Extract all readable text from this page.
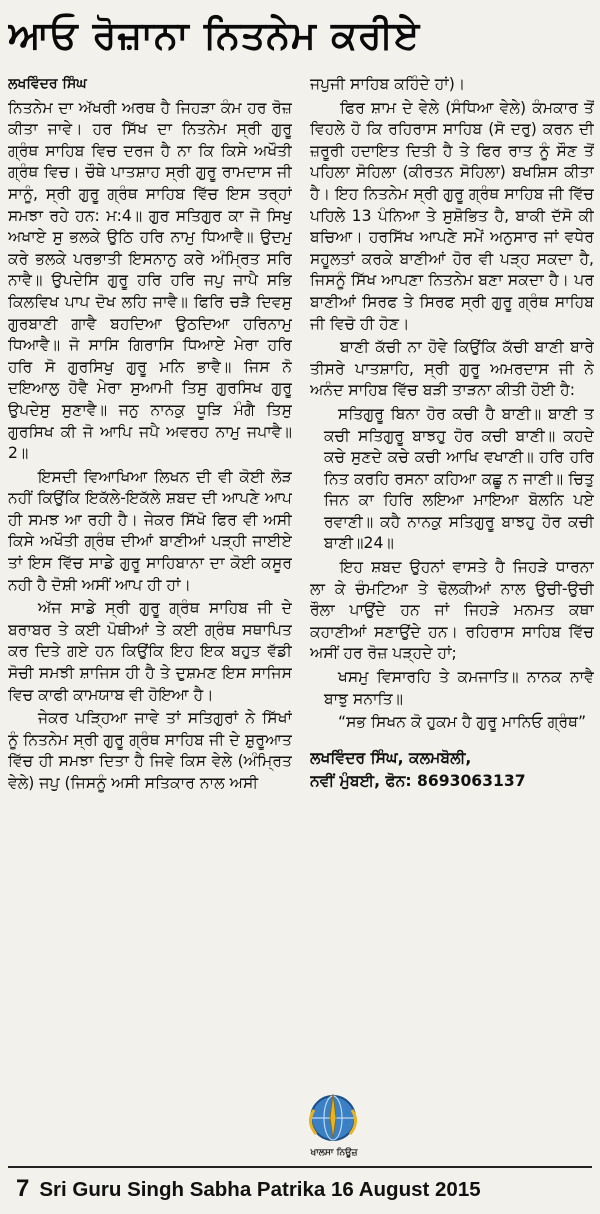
ਆਓ ਰੋਜ਼ਾਨਾ ਨਿਤਨੇਮ ਕਰੀਏ

ਲਖਵਿੰਦਰ ਸਿੰਘ

ਨਿਤਨੇਮ ਦਾ ਅੱਖਰੀ ਅਰਥ ਹੈ ਜਿਹੜਾ ਕੰਮ ਹਰ ਰੋਜ਼ ਕੀਤਾ ਜਾਵੇ। ਹਰ ਸਿੱਖ ਦਾ ਨਿਤਨੇਮ ਸ੍ਰੀ ਗੁਰੂ ਗ੍ਰੰਥ ਸਾਹਿਬ ਵਿਚ ਦਰਜ ਹੈ ਨਾ ਕਿ ਕਿਸੇ ਅਖੌਤੀ ਗ੍ਰੰਥ ਵਿਚ। ਚੌਥੇ ਪਾਤਸ਼ਾਹ ਸ੍ਰੀ ਗੁਰੂ ਰਾਮਦਾਸ ਜੀ ਸਾਨੂੰ, ਸ੍ਰੀ ਗੁਰੂ ਗ੍ਰੰਥ ਸਾਹਿਬ ਵਿੱਚ ਇਸ ਤਰ੍ਹਾਂ ਸਮਝਾ ਰਹੇ ਹਨ: ਮ:4॥ ਗੁਰ ਸਤਿਗੁਰ ਕਾ ਜੋ ਸਿਖੁ ਅਖਾਏ ਸੁ ਭਲਕੇ ਉਠਿ ਹਰਿ ਨਾਮੁ ਧਿਆਵੈ॥ ਉਦਮੁ ਕਰੇ ਭਲਕੇ ਪਰਭਾਤੀ ਇਸਨਾਨੁ ਕਰੇ ਅੰਮ੍ਰਿਤ ਸਰਿ ਨਾਵੈ॥ ਉਪਦੇਸਿ ਗੁਰੂ ਹਰਿ ਹਰਿ ਜਪੁ ਜਾਪੈ ਸਭਿ ਕਿਲਵਿਖ ਪਾਪ ਦੋਖ ਲਹਿ ਜਾਵੈ॥ ਫਿਰਿ ਚੜੈ ਦਿਵਸੁ ਗੁਰਬਾਣੀ ਗਾਵੈ ਬਹਦਿਆ ਉਠਦਿਆ ਹਰਿਨਾਮੁ ਧਿਆਵੈ॥ ਜੋ ਸਾਸਿ ਗਿਰਾਸਿ ਧਿਆਏ ਮੇਰਾ ਹਰਿ ਹਰਿ ਸੋ ਗੁਰਸਿਖੁ ਗੁਰੂ ਮਨਿ ਭਾਵੈ॥ ਜਿਸ ਨੋ ਦਇਆਲੁ ਹੋਵੈ ਮੇਰਾ ਸੁਆਮੀ ਤਿਸੁ ਗੁਰਸਿਖ ਗੁਰੂ ਉਪਦੇਸੁ ਸੁਣਾਵੈ॥ ਜਨੁ ਨਾਨਕੁ ਧੂੜਿ ਮੰਗੈ ਤਿਸੁ ਗੁਰਸਿਖ ਕੀ ਜੋ ਆਪਿ ਜਪੈ ਅਵਰਹ ਨਾਮੁ ਜਪਾਵੈ॥2॥

ਇਸਦੀ ਵਿਆਖਿਆ ਲਿਖਨ ਦੀ ਵੀ ਕੋਈ ਲੋੜ ਨਹੀਂ ਕਿਉਂਕਿ ਇਕੱਲੇ-ਇਕੱਲੇ ਸ਼ਬਦ ਦੀ ਆਪਣੇ ਆਪ ਹੀ ਸਮਝ ਆ ਰਹੀ ਹੈ। ਜੇਕਰ ਸਿੱਖੋ ਫਿਰ ਵੀ ਅਸੀ ਕਿਸੇ ਅਖੌਤੀ ਗ੍ਰੰਥ ਦੀਆਂ ਬਾਣੀਆਂ ਪੜ੍ਹੀ ਜਾਈਏ ਤਾਂ ਇਸ ਵਿੱਚ ਸਾਡੇ ਗੁਰੂ ਸਾਹਿਬਾਨਾ ਦਾ ਕੋਈ ਕਸੂਰ ਨਹੀ ਹੈ ਦੋਸ਼ੀ ਅਸੀਂ ਆਪ ਹੀ ਹਾਂ।

ਅੱਜ ਸਾਡੇ ਸ੍ਰੀ ਗੁਰੂ ਗ੍ਰੰਥ ਸਾਹਿਬ ਜੀ ਦੇ ਬਰਾਬਰ ਤੇ ਕਈ ਪੋਥੀਆਂ ਤੇ ਕਈ ਗ੍ਰੰਥ ਸਥਾਪਿਤ ਕਰ ਦਿਤੇ ਗਏ ਹਨ ਕਿਉਂਕਿ ਇਹ ਇਕ ਬਹੁਤ ਵੱਡੀ ਸੋਚੀ ਸਮਝੀ ਸ਼ਾਜਿਸ ਹੀ ਹੈ ਤੇ ਦੁਸ਼ਮਣ ਇਸ ਸਾਜਿਸ ਵਿਚ ਕਾਫੀ ਕਾਮਯਾਬ ਵੀ ਹੋਇਆ ਹੈ।

ਜੇਕਰ ਪੜ੍ਹਿਆ ਜਾਵੇ ਤਾਂ ਸਤਿਗੁਰਾਂ ਨੇ ਸਿੱਖਾਂ ਨੂੰ ਨਿਤਨੇਮ ਸ੍ਰੀ ਗੁਰੂ ਗ੍ਰੰਥ ਸਾਹਿਬ ਜੀ ਦੇ ਸ਼ੁਰੂਆਤ ਵਿੱਚ ਹੀ ਸਮਝਾ ਦਿਤਾ ਹੈ ਜਿਵੇ ਕਿਸ ਵੇਲੇ (ਅੰਮ੍ਰਿਤ ਵੇਲੇ) ਜਪੁ (ਜਿਸਨੂੰ ਅਸੀ ਸਤਿਕਾਰ ਨਾਲ ਅਸੀ

ਜਪੁਜੀ ਸਾਹਿਬ ਕਹਿੰਦੇ ਹਾਂ)।

ਫਿਰ ਸ਼ਾਮ ਦੇ ਵੇਲੇ (ਸੰਧਿਆ ਵੇਲੇ) ਕੰਮਕਾਰ ਤੋਂ ਵਿਹਲੇ ਹੋ ਕਿ ਰਹਿਰਾਸ ਸਾਹਿਬ (ਸੋ ਦਰੁ) ਕਰਨ ਦੀ ਜ਼ਰੂਰੀ ਹਦਾਇਤ ਦਿਤੀ ਹੈ ਤੇ ਫਿਰ ਰਾਤ ਨੂੰ ਸੌਣ ਤੋਂ ਪਹਿਲਾ ਸੋਹਿਲਾ (ਕੀਰਤਨ ਸੋਹਿਲਾ) ਬਖਸ਼ਿਸ ਕੀਤਾ ਹੈ। ਇਹ ਨਿਤਨੇਮ ਸ੍ਰੀ ਗੁਰੂ ਗ੍ਰੰਥ ਸਾਹਿਬ ਜੀ ਵਿੱਚ ਪਹਿਲੇ 13 ਪੰਨਿਆ ਤੇ ਸੁਸ਼ੋਭਿਤ ਹੈ, ਬਾਕੀ ਦੱਸੋ ਕੀ ਬਚਿਆ। ਹਰਸਿੱਖ ਆਪਣੇ ਸਮੇਂ ਅਨੁਸਾਰ ਜਾਂ ਵਧੇਰ ਸਹੂਲਤਾਂ ਕਰਕੇ ਬਾਣੀਆਂ ਹੋਰ ਵੀ ਪੜ੍ਹ ਸਕਦਾ ਹੈ, ਜਿਸਨੂੰ ਸਿੱਖ ਆਪਣਾ ਨਿਤਨੇਮ ਬਣਾ ਸਕਦਾ ਹੈ। ਪਰ ਬਾਣੀਆਂ ਸਿਰਫ ਤੇ ਸਿਰਫ ਸ੍ਰੀ ਗੁਰੂ ਗ੍ਰੰਥ ਸਾਹਿਬ ਜੀ ਵਿਚੋ ਹੀ ਹੋਣ।

ਬਾਣੀ ਕੱਚੀ ਨਾ ਹੋਵੇ ਕਿਉਂਕਿ ਕੱਚੀ ਬਾਣੀ ਬਾਰੇ ਤੀਸਰੇ ਪਾਤਸ਼ਾਹਿ, ਸ੍ਰੀ ਗੁਰੂ ਅਮਰਦਾਸ ਜੀ ਨੇ ਅਨੰਦ ਸਾਹਿਬ ਵਿੱਚ ਬੜੀ ਤਾੜਨਾ ਕੀਤੀ ਹੋਈ ਹੈ:

ਸਤਿਗੁਰੂ ਬਿਨਾ ਹੋਰ ਕਚੀ ਹੈ ਬਾਣੀ॥ ਬਾਣੀ ਤ ਕਚੀ ਸਤਿਗੁਰੂ ਬਾਝਹੁ ਹੋਰ ਕਚੀ ਬਾਣੀ॥ ਕਹਦੇ ਕਚੇ ਸੁਣਦੇ ਕਚੇ ਕਚੀ ਆਖਿ ਵਖਾਣੀ॥ ਹਰਿ ਹਰਿ ਨਿਤ ਕਰਹਿ ਰਸਨਾ ਕਹਿਆ ਕਛੂ ਨ ਜਾਣੀ॥ ਚਿਤੁ ਜਿਨ ਕਾ ਹਿਰਿ ਲਇਆ ਮਾਇਆ ਬੋਲਨਿ ਪਏ ਰਵਾਣੀ॥ ਕਹੈ ਨਾਨਕੁ ਸਤਿਗੁਰੂ ਬਾਝਹੁ ਹੋਰ ਕਚੀ ਬਾਣੀ॥24॥

ਇਹ ਸ਼ਬਦ ਉਹਨਾਂ ਵਾਸਤੇ ਹੈ ਜਿਹੜੇ ਧਾਰਨਾ ਲਾ ਕੇ ਚੰਮਟਿਆ ਤੇ ਢੋਲਕੀਆਂ ਨਾਲ ਉਚੀ-ਉਚੀ ਰੌਲਾ ਪਾਉਂਦੇ ਹਨ ਜਾਂ ਜਿਹੜੇ ਮਨਮਤ ਕਥਾ ਕਹਾਣੀਆਂ ਸਣਾਉਂਦੇ ਹਨ। ਰਹਿਰਾਸ ਸਾਹਿਬ ਵਿੱਚ ਅਸੀਂ ਹਰ ਰੋਜ਼ ਪੜ੍ਹਦੇ ਹਾਂ;

ਖਸਮੁ ਵਿਸਾਰਹਿ ਤੇ ਕਮਜਾਤਿ॥ ਨਾਨਕ ਨਾਵੈ ਬਾਝੁ ਸਨਾਤਿ॥

“ਸਭ ਸਿਖਨ ਕੋ ਹੁਕਮ ਹੈ ਗੁਰੂ ਮਾਨਿਓ ਗ੍ਰੰਥ”

ਲਖਵਿੰਦਰ ਸਿੰਘ, ਕਲਮਬੋਲੀ,

ਨਵੀਂ ਮੁੰਬਈ, ਫੋਨ: 8693063137

ਖਾਲਸਾ ਨਿਊਜ਼
7 Sri Guru Singh Sabha Patrika 16 August 2015
